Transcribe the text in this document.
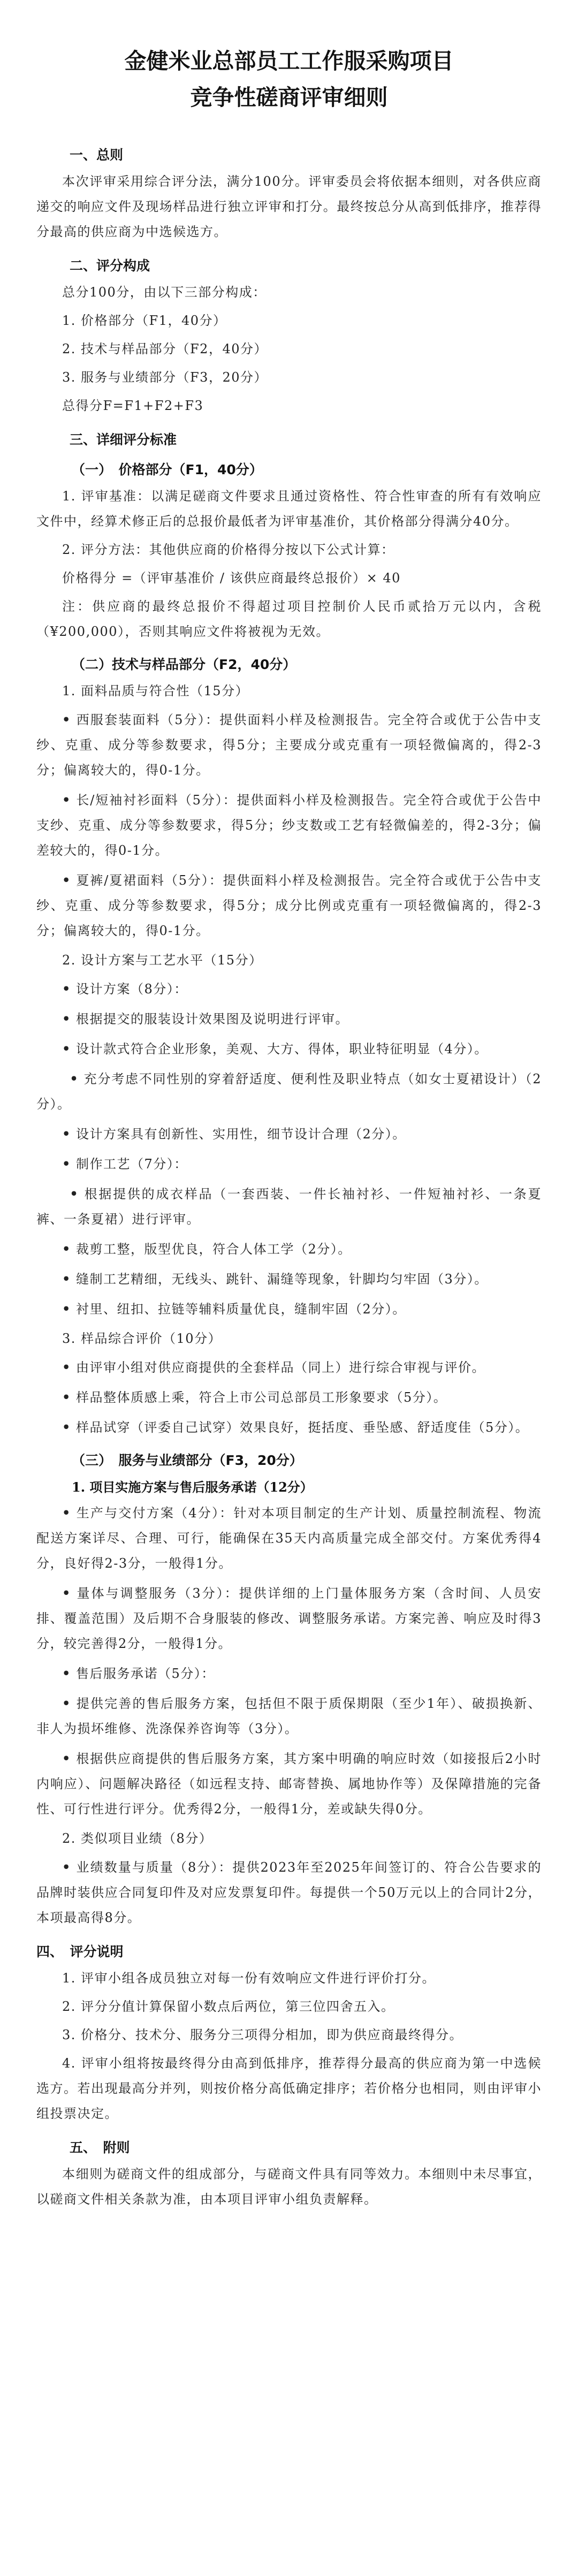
金健米业总部员工工作服采购项目
竞争性磋商评审细则
一、总则
本次评审采用综合评分法，满分100分。评审委员会将依据本细则，对各供应商递交的响应文件及现场样品进行独立评审和打分。最终按总分从高到低排序，推荐得分最高的供应商为中选候选方。
二、评分构成
总分100分，由以下三部分构成：
1. 价格部分（F1，40分）
2. 技术与样品部分（F2，40分）
3. 服务与业绩部分（F3，20分）
总得分F=F1+F2+F3
三、详细评分标准
（一）　价格部分（F1，40分）
1. 评审基准：以满足磋商文件要求且通过资格性、符合性审查的所有有效响应文件中，经算术修正后的总报价最低者为评审基准价，其价格部分得满分40分。
2. 评分方法：其他供应商的价格得分按以下公式计算：
价格得分 =（评审基准价 / 该供应商最终总报价）× 40
注：供应商的最终总报价不得超过项目控制价人民币贰拾万元以内，含税（¥200,000），否则其响应文件将被视为无效。
（二）技术与样品部分（F2，40分）
1. 面料品质与符合性（15分）
• 西服套装面料（5分）：提供面料小样及检测报告。完全符合或优于公告中支纱、克重、成分等参数要求，得5分；主要成分或克重有一项轻微偏离的，得2-3分；偏离较大的，得0-1分。
• 长/短袖衬衫面料（5分）：提供面料小样及检测报告。完全符合或优于公告中支纱、克重、成分等参数要求，得5分；纱支数或工艺有轻微偏差的，得2-3分；偏差较大的，得0-1分。
• 夏裤/夏裙面料（5分）：提供面料小样及检测报告。完全符合或优于公告中支纱、克重、成分等参数要求，得5分；成分比例或克重有一项轻微偏离的，得2-3分；偏离较大的，得0-1分。
2. 设计方案与工艺水平（15分）
• 设计方案（8分）：
• 根据提交的服装设计效果图及说明进行评审。
• 设计款式符合企业形象，美观、大方、得体，职业特征明显（4分）。
• 充分考虑不同性别的穿着舒适度、便利性及职业特点（如女士夏裙设计）（2分）。
• 设计方案具有创新性、实用性，细节设计合理（2分）。
• 制作工艺（7分）：
• 根据提供的成衣样品（一套西装、一件长袖衬衫、一件短袖衬衫、一条夏裤、一条夏裙）进行评审。
• 裁剪工整，版型优良，符合人体工学（2分）。
• 缝制工艺精细，无线头、跳针、漏缝等现象，针脚均匀牢固（3分）。
• 衬里、纽扣、拉链等辅料质量优良，缝制牢固（2分）。
3. 样品综合评价（10分）
• 由评审小组对供应商提供的全套样品（同上）进行综合审视与评价。
• 样品整体质感上乘，符合上市公司总部员工形象要求（5分）。
• 样品试穿（评委自己试穿）效果良好，挺括度、垂坠感、舒适度佳（5分）。
（三）　服务与业绩部分（F3，20分）
1. 项目实施方案与售后服务承诺（12分）
• 生产与交付方案（4分）：针对本项目制定的生产计划、质量控制流程、物流配送方案详尽、合理、可行，能确保在35天内高质量完成全部交付。方案优秀得4分，良好得2-3分，一般得1分。
• 量体与调整服务（3分）：提供详细的上门量体服务方案（含时间、人员安排、覆盖范围）及后期不合身服装的修改、调整服务承诺。方案完善、响应及时得3分，较完善得2分，一般得1分。
• 售后服务承诺（5分）：
• 提供完善的售后服务方案，包括但不限于质保期限（至少1年）、破损换新、非人为损坏维修、洗涤保养咨询等（3分）。
• 根据供应商提供的售后服务方案，其方案中明确的响应时效（如接报后2小时内响应）、问题解决路径（如远程支持、邮寄替换、属地协作等）及保障措施的完备性、可行性进行评分。优秀得2分，一般得1分，差或缺失得0分。
2. 类似项目业绩（8分）
• 业绩数量与质量（8分）：提供2023年至2025年间签订的、符合公告要求的品牌时装供应合同复印件及对应发票复印件。每提供一个50万元以上的合同计2分，本项最高得8分。
四、　评分说明
1. 评审小组各成员独立对每一份有效响应文件进行评价打分。
2. 评分分值计算保留小数点后两位，第三位四舍五入。
3. 价格分、技术分、服务分三项得分相加，即为供应商最终得分。
4. 评审小组将按最终得分由高到低排序，推荐得分最高的供应商为第一中选候选方。若出现最高分并列，则按价格分高低确定排序；若价格分也相同，则由评审小组投票决定。
五、　附则
本细则为磋商文件的组成部分，与磋商文件具有同等效力。本细则中未尽事宜，以磋商文件相关条款为准，由本项目评审小组负责解释。
